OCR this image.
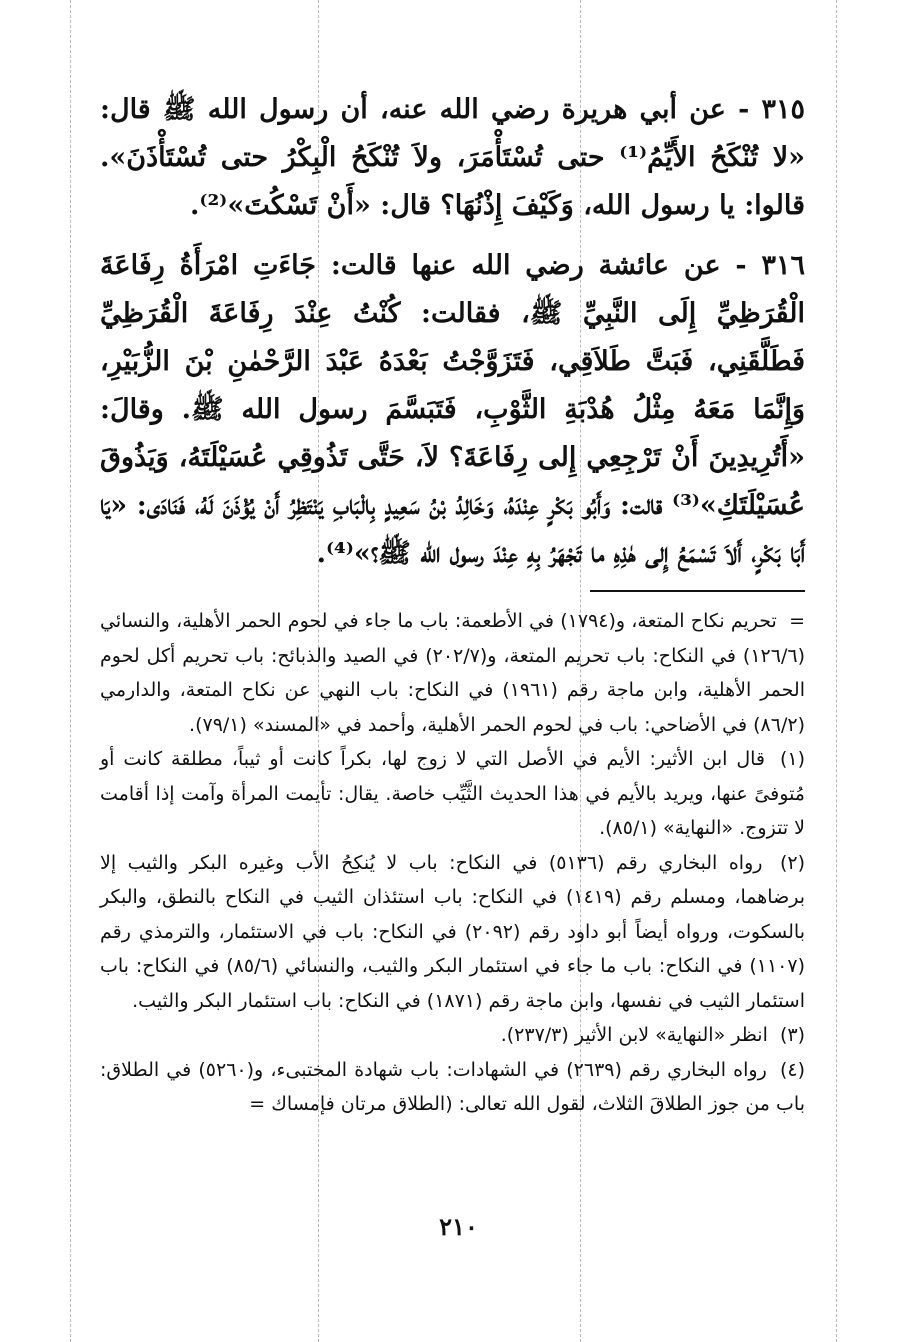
٣١٥ - عن أبي هريرة رضي الله عنه، أن رسول الله ﷺ قال: «لا تُنْكَحُ الأَيِّمُ⁽¹⁾ حتى تُسْتَأْمَرَ، ولاَ تُنْكَحُ الْبِكْرُ حتى تُسْتَأْذَنَ». قالوا: يا رسول الله، وَكَيْفَ إِذْنُهَا؟ قال: «أَنْ تَسْكُتَ»⁽²⁾.

٣١٦ - عن عائشة رضي الله عنها قالت: جَاءَتِ امْرَأَةُ رِفَاعَةَ الْقُرَظِيِّ إِلَى النَّبِيِّ ﷺ، فقالت: كُنْتُ عِنْدَ رِفَاعَةَ الْقُرَظِيِّ فَطَلَّقَنِي، فَبَتَّ طَلاَقِي، فَتَزَوَّجْتُ بَعْدَهُ عَبْدَ الرَّحْمٰنِ بْنَ الزُّبَيْرِ، وَإِنَّمَا مَعَهُ مِثْلُ هُدْبَةِ الثَّوْبِ، فَتَبَسَّمَ رسول الله ﷺ. وقالَ: «أَتُرِيدِينَ أَنْ تَرْجِعِي إِلى رِفَاعَةَ؟ لاَ، حَتَّى تَذُوقِي عُسَيْلَتَهُ، وَيَذُوقَ عُسَيْلَتَكِ»⁽³⁾ قالت: وَأَبُو بَكْرٍ عِنْدَهُ، وَخَالِدُ بْنُ سَعِيدٍ بِالْبَابِ يَنْتَظِرُ أَنْ يُؤْذَنَ لَهُ، فَنَادَى: «يَا أَبَا بَكْرٍ، أَلاَ تَسْمَعُ إِلى هٰذِهِ ما تَجْهَرُ بِهِ عِنْدَ رسول الله ﷺ؟»⁽⁴⁾.

= تحريم نكاح المتعة، و(١٧٩٤) في الأطعمة: باب ما جاء في لحوم الحمر الأهلية، والنسائي (١٢٦/٦) في النكاح: باب تحريم المتعة، و(٢٠٢/٧) في الصيد والذبائح: باب تحريم أكل لحوم الحمر الأهلية، وابن ماجة رقم (١٩٦١) في النكاح: باب النهي عن نكاح المتعة، والدارمي (٨٦/٢) في الأضاحي: باب في لحوم الحمر الأهلية، وأحمد في «المسند» (٧٩/١).

(١) قال ابن الأثير: الأيم في الأصل التي لا زوج لها، بكراً كانت أو ثيباً، مطلقة كانت أو مُتوفىً عنها، ويريد بالأيم في هذا الحديث الثَّيِّب خاصة. يقال: تأيمت المرأة وآمت إذا أقامت لا تتزوج. «النهاية» (٨٥/١).

(٢) رواه البخاري رقم (٥١٣٦) في النكاح: باب لا يُنكِحُ الأب وغيره البكر والثيب إلا برضاهما، ومسلم رقم (١٤١٩) في النكاح: باب استئذان الثيب في النكاح بالنطق، والبكر بالسكوت، ورواه أيضاً أبو داود رقم (٢٠٩٢) في النكاح: باب في الاستئمار، والترمذي رقم (١١٠٧) في النكاح: باب ما جاء في استئمار البكر والثيب، والنسائي (٨٥/٦) في النكاح: باب استئمار الثيب في نفسها، وابن ماجة رقم (١٨٧١) في النكاح: باب استئمار البكر والثيب.

(٣) انظر «النهاية» لابن الأثير (٢٣٧/٣).

(٤) رواه البخاري رقم (٢٦٣٩) في الشهادات: باب شهادة المختبىء، و(٥٢٦٠) في الطلاق: باب من جوز الطلاقَ الثلاث، لقول الله تعالى: (الطلاق مرتان فإمساك =

٢١٠
